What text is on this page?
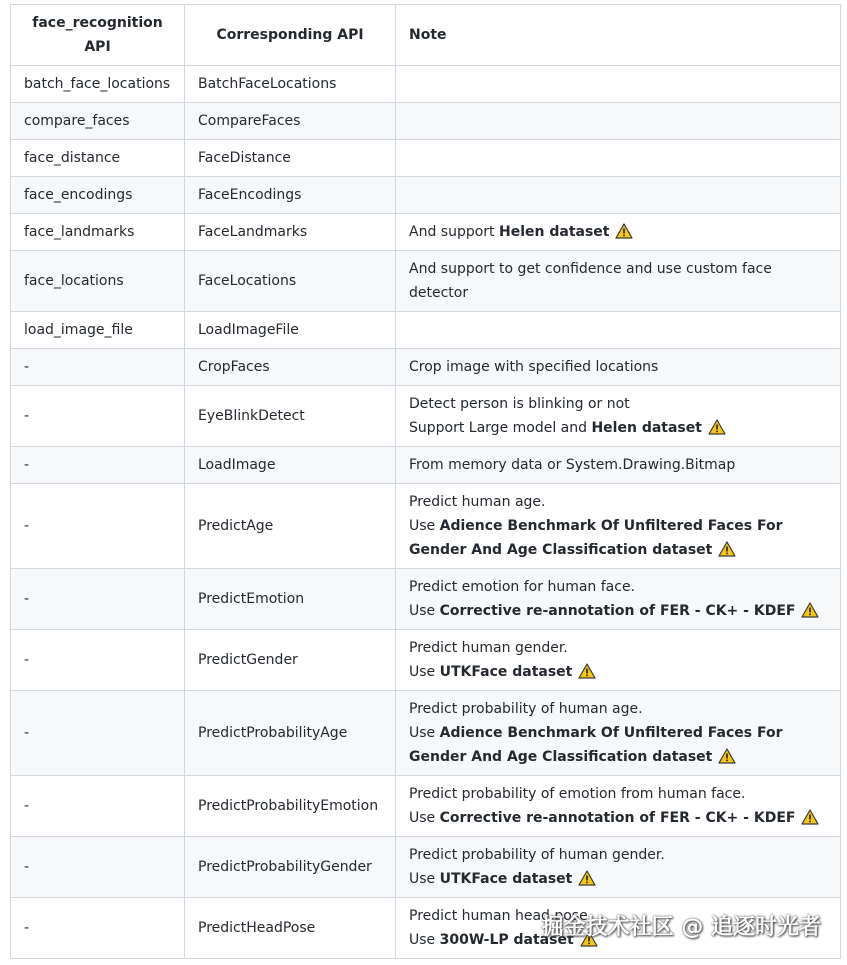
face_recognition API	Corresponding API	Note
batch_face_locations	BatchFaceLocations	
compare_faces	CompareFaces	
face_distance	FaceDistance	
face_encodings	FaceEncodings	
face_landmarks	FaceLandmarks	And support Helen dataset
face_locations	FaceLocations	And support to get confidence and use custom face detector
load_image_file	LoadImageFile	
-	CropFaces	Crop image with specified locations
-	EyeBlinkDetect	Detect person is blinking or not
Support Large model and Helen dataset

-	LoadImage	From memory data or System.Drawing.Bitmap
-	PredictAge	Predict human age.
Use Adience Benchmark Of Unfiltered Faces For Gender And Age Classification dataset

-	PredictEmotion	Predict emotion for human face.
Use Corrective re-annotation of FER - CK+ - KDEF

-	PredictGender	Predict human gender.
Use UTKFace dataset

-	PredictProbabilityAge	Predict probability of human age.
Use Adience Benchmark Of Unfiltered Faces For Gender And Age Classification dataset

-	PredictProbabilityEmotion	Predict probability of emotion from human face.
Use Corrective re-annotation of FER - CK+ - KDEF

-	PredictProbabilityGender	Predict probability of human gender.
Use UTKFace dataset

-	PredictHeadPose	Predict human head pose
Use 300W-LP dataset
掘金技术社区 @ 追逐时光者
